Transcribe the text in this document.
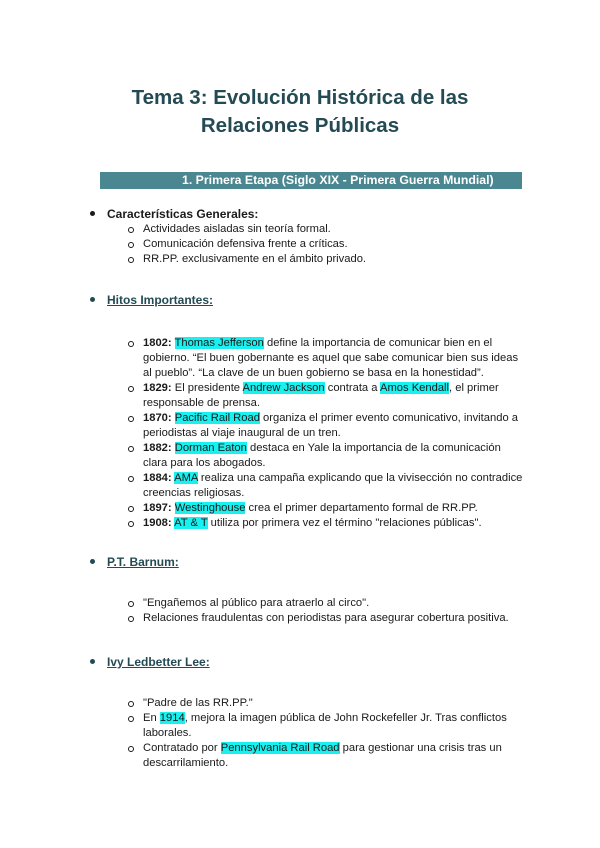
Tema 3: Evolución Histórica de las
Relaciones Públicas
1. Primera Etapa (Siglo XIX - Primera Guerra Mundial)
Características Generales:
Actividades aisladas sin teoría formal.
Comunicación defensiva frente a críticas.
RR.PP. exclusivamente en el ámbito privado.
Hitos Importantes:
1802: Thomas Jefferson define la importancia de comunicar bien en el gobierno. “El buen gobernante es aquel que sabe comunicar bien sus ideas al pueblo”. “La clave de un buen gobierno se basa en la honestidad”.
1829: El presidente Andrew Jackson contrata a Amos Kendall, el primer responsable de prensa.
1870: Pacific Rail Road organiza el primer evento comunicativo, invitando a periodistas al viaje inaugural de un tren.
1882: Dorman Eaton destaca en Yale la importancia de la comunicación clara para los abogados.
1884: AMA realiza una campaña explicando que la vivisección no contradice creencias religiosas.
1897: Westinghouse crea el primer departamento formal de RR.PP.
1908: AT & T utiliza por primera vez el término "relaciones públicas".
P.T. Barnum:
"Engañemos al público para atraerlo al circo".
Relaciones fraudulentas con periodistas para asegurar cobertura positiva.
Ivy Ledbetter Lee:
"Padre de las RR.PP."
En 1914, mejora la imagen pública de John Rockefeller Jr. Tras conflictos laborales.
Contratado por Pennsylvania Rail Road para gestionar una crisis tras un descarrilamiento.
